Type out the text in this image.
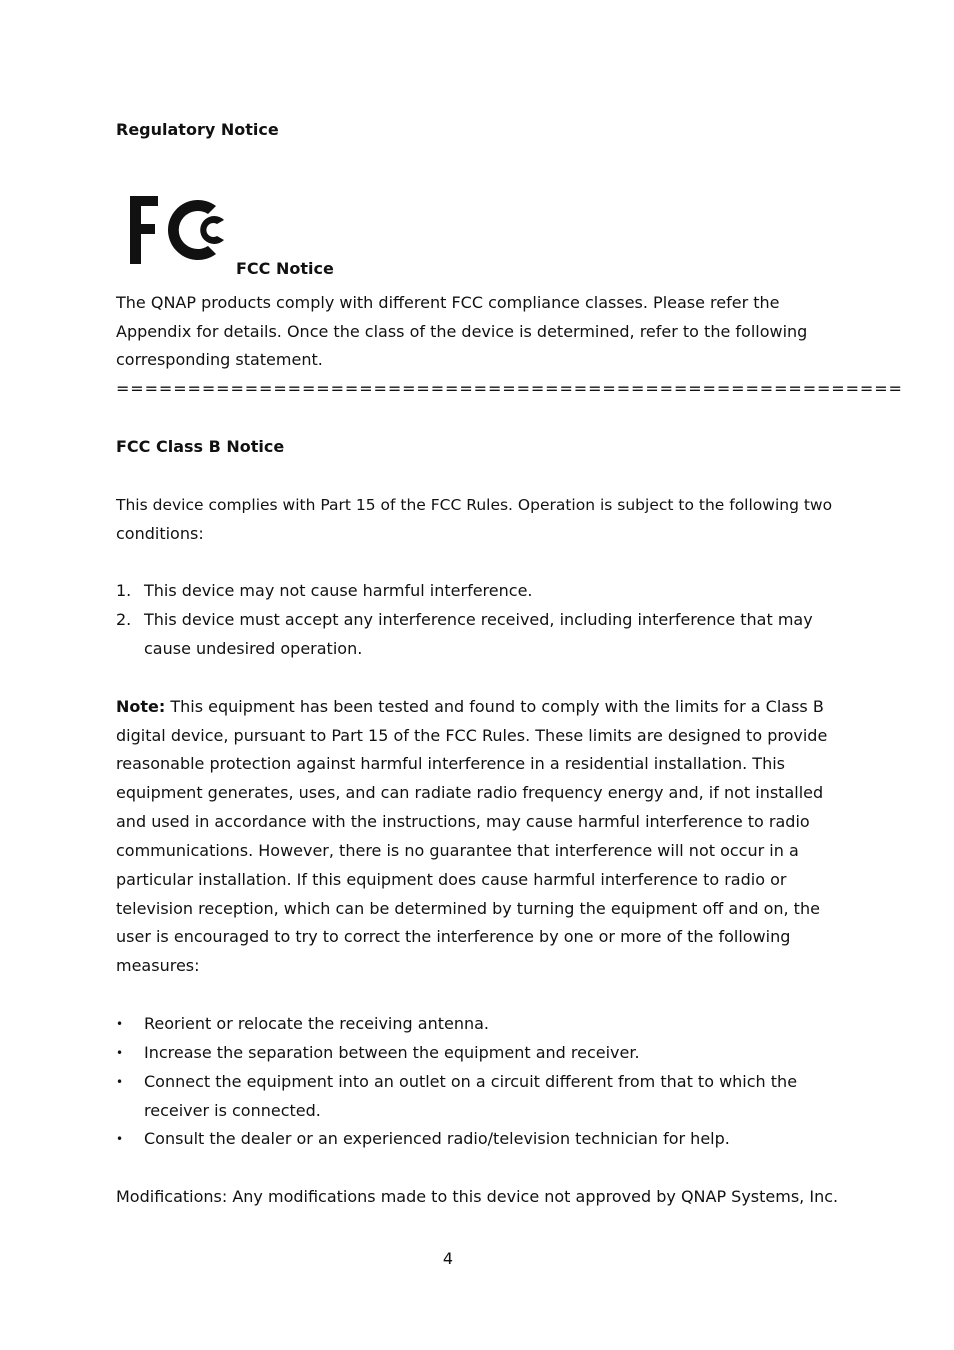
Regulatory Notice
FCC Notice
The QNAP products comply with different FCC compliance classes. Please refer the
Appendix for details. Once the class of the device is determined, refer to the following
corresponding statement.
=======================================================
FCC Class B Notice
This device complies with Part 15 of the FCC Rules. Operation is subject to the following two
conditions:
1. This device may not cause harmful interference.
2. This device must accept any interference received, including interference that may
cause undesired operation.
Note: This equipment has been tested and found to comply with the limits for a Class B
digital device, pursuant to Part 15 of the FCC Rules. These limits are designed to provide
reasonable protection against harmful interference in a residential installation. This
equipment generates, uses, and can radiate radio frequency energy and, if not installed
and used in accordance with the instructions, may cause harmful interference to radio
communications. However, there is no guarantee that interference will not occur in a
particular installation. If this equipment does cause harmful interference to radio or
television reception, which can be determined by turning the equipment off and on, the
user is encouraged to try to correct the interference by one or more of the following
measures:
• Reorient or relocate the receiving antenna.
• Increase the separation between the equipment and receiver.
• Connect the equipment into an outlet on a circuit different from that to which the
receiver is connected.
• Consult the dealer or an experienced radio/television technician for help.
Modifications: Any modifications made to this device not approved by QNAP Systems, Inc.
4
